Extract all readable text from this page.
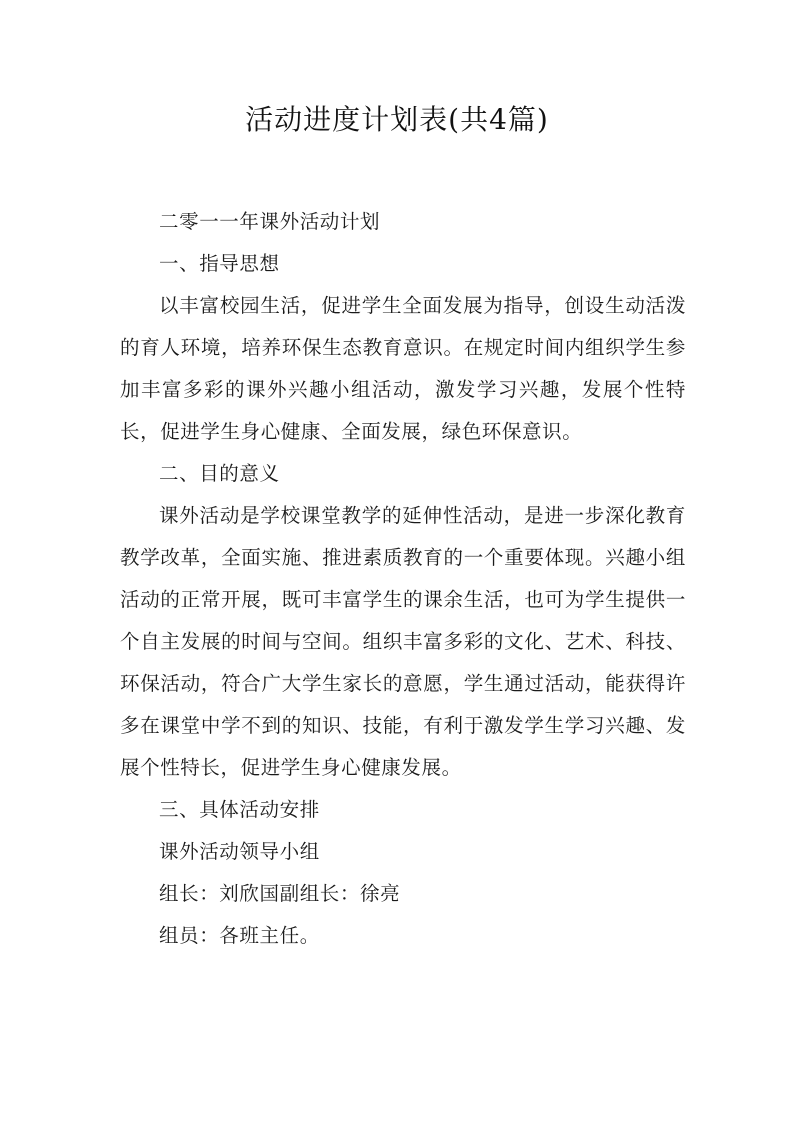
活动进度计划表(共4篇)

二零一一年课外活动计划

一、指导思想

以丰富校园生活，促进学生全面发展为指导，创设生动活泼的育人环境，培养环保生态教育意识。在规定时间内组织学生参加丰富多彩的课外兴趣小组活动，激发学习兴趣，发展个性特长，促进学生身心健康、全面发展，绿色环保意识。

二、目的意义

课外活动是学校课堂教学的延伸性活动，是进一步深化教育教学改革，全面实施、推进素质教育的一个重要体现。兴趣小组活动的正常开展，既可丰富学生的课余生活，也可为学生提供一个自主发展的时间与空间。组织丰富多彩的文化、艺术、科技、环保活动，符合广大学生家长的意愿，学生通过活动，能获得许多在课堂中学不到的知识、技能，有利于激发学生学习兴趣、发展个性特长，促进学生身心健康发展。

三、具体活动安排

课外活动领导小组

组长：刘欣国副组长：徐亮

组员：各班主任。
